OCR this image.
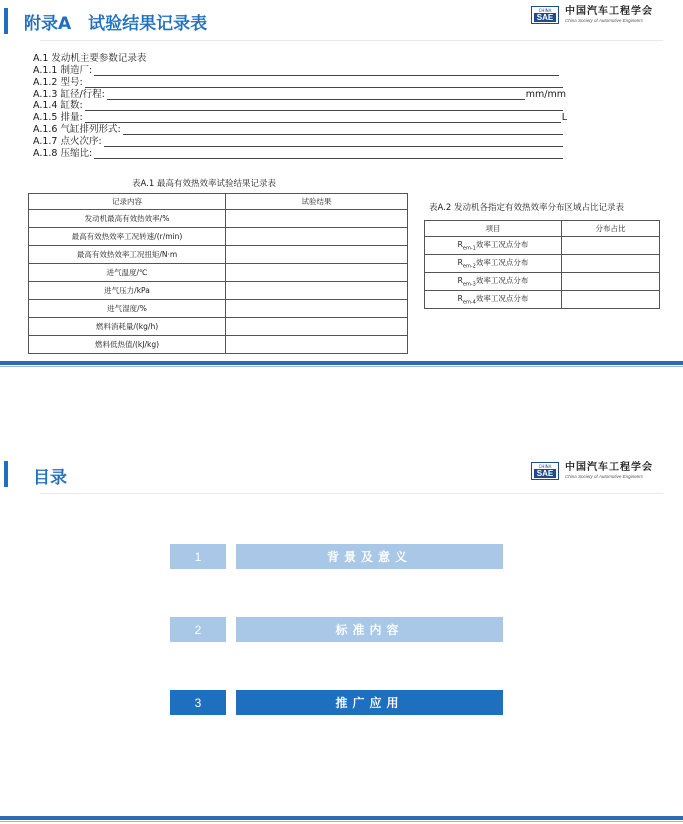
附录A　试验结果记录表
CHINA
SAE
中国汽车工程学会
China Society of Automotive Engineers
A.1 发动机主要参数记录表
A.1.1 制造厂:
A.1.2 型号:
A.1.3 缸径/行程:	mm/mm
A.1.4 缸数:
A.1.5 排量:	L
A.1.6 气缸排列形式:
A.1.7 点火次序:
A.1.8 压缩比:
表A.1 最高有效热效率试验结果记录表
记录内容	试验结果
发动机最高有效热效率/%	
最高有效热效率工况转速/(r/min)	
最高有效热效率工况扭矩/N·m	
进气温度/℃	
进气压力/kPa	
进气湿度/%	
燃料消耗量/(kg/h)	
燃料低热值/(kJ/kg)	
表A.2 发动机各指定有效热效率分布区域占比记录表
项目	分布占比
$R_{em-1}$效率工况点分布	
$R_{em-2}$效率工况点分布	
$R_{em-3}$效率工况点分布	
$R_{em-4}$效率工况点分布	
目录
CHINA
SAE
中国汽车工程学会
China Society of Automotive Engineers
1	背景及意义
2	标准内容
3	推广应用
